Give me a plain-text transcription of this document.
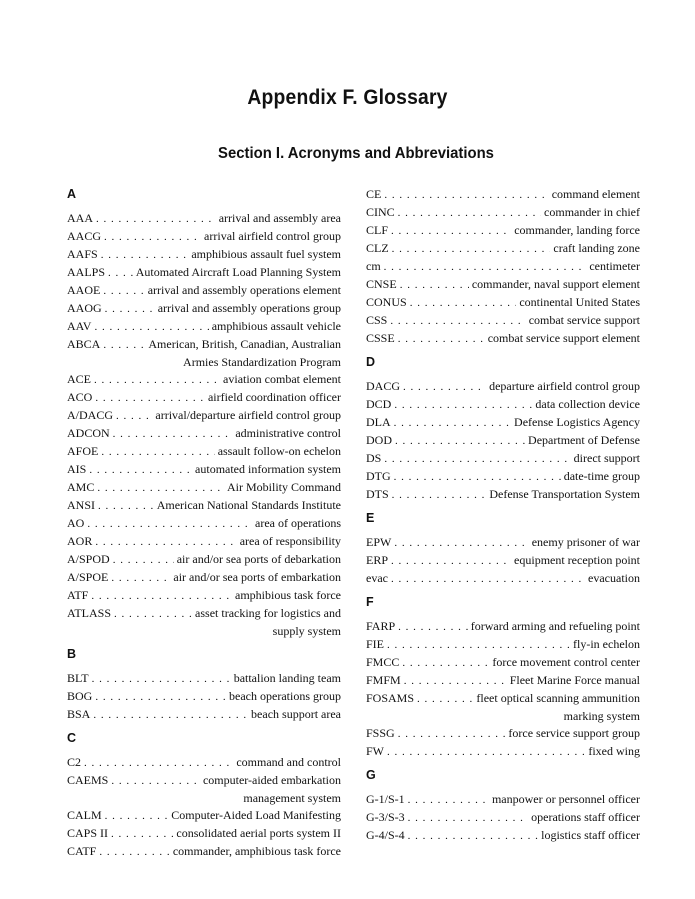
Appendix F. Glossary
Section I. Acronyms and Abbreviations
A
AAA . . .	arrival and assembly area
AACG . . .	arrival airfield control group
AAFS . . .	amphibious assault fuel system
AALPS . . .	Automated Aircraft Load Planning System
AAOE . . .	arrival and assembly operations element
AAOG . . .	arrival and assembly operations group
AAV . . .	amphibious assault vehicle
ABCA . . .	American, British, Canadian, Australian
Armies Standardization Program
ACE . . .	aviation combat element
ACO . . .	airfield coordination officer
A/DACG . . .	arrival/departure airfield control group
ADCON . . .	administrative control
AFOE . . .	assault follow-on echelon
AIS . . .	automated information system
AMC . . .	Air Mobility Command
ANSI . . .	American National Standards Institute
AO . . .	area of operations
AOR . . .	area of responsibility
A/SPOD . . .	air and/or sea ports of debarkation
A/SPOE . . .	air and/or sea ports of embarkation
ATF . . .	amphibious task force
ATLASS . . .	asset tracking for logistics and
supply system
B
BLT . . .	battalion landing team
BOG . . .	beach operations group
BSA . . .	beach support area
C
C2 . . .	command and control
CAEMS . . .	computer-aided embarkation
management system
CALM . . .	Computer-Aided Load Manifesting
CAPS II . . .	consolidated aerial ports system II
CATF . . .	commander, amphibious task force
CE . . .	command element
CINC . . .	commander in chief
CLF . . .	commander, landing force
CLZ . . .	craft landing zone
cm . . .	centimeter
CNSE . . .	commander, naval support element
CONUS . . .	continental United States
CSS . . .	combat service support
CSSE . . .	combat service support element
D
DACG . . .	departure airfield control group
DCD . . .	data collection device
DLA . . .	Defense Logistics Agency
DOD . . .	Department of Defense
DS . . .	direct support
DTG . . .	date-time group
DTS . . .	Defense Transportation System
E
EPW . . .	enemy prisoner of war
ERP . . .	equipment reception point
evac . . .	evacuation
F
FARP . . .	forward arming and refueling point
FIE . . .	fly-in echelon
FMCC . . .	force movement control center
FMFM . . .	Fleet Marine Force manual
FOSAMS . . .	fleet optical scanning ammunition
marking system
FSSG . . .	force service support group
FW . . .	fixed wing
G
G-1/S-1 . . .	manpower or personnel officer
G-3/S-3 . . .	operations staff officer
G-4/S-4 . . .	logistics staff officer
